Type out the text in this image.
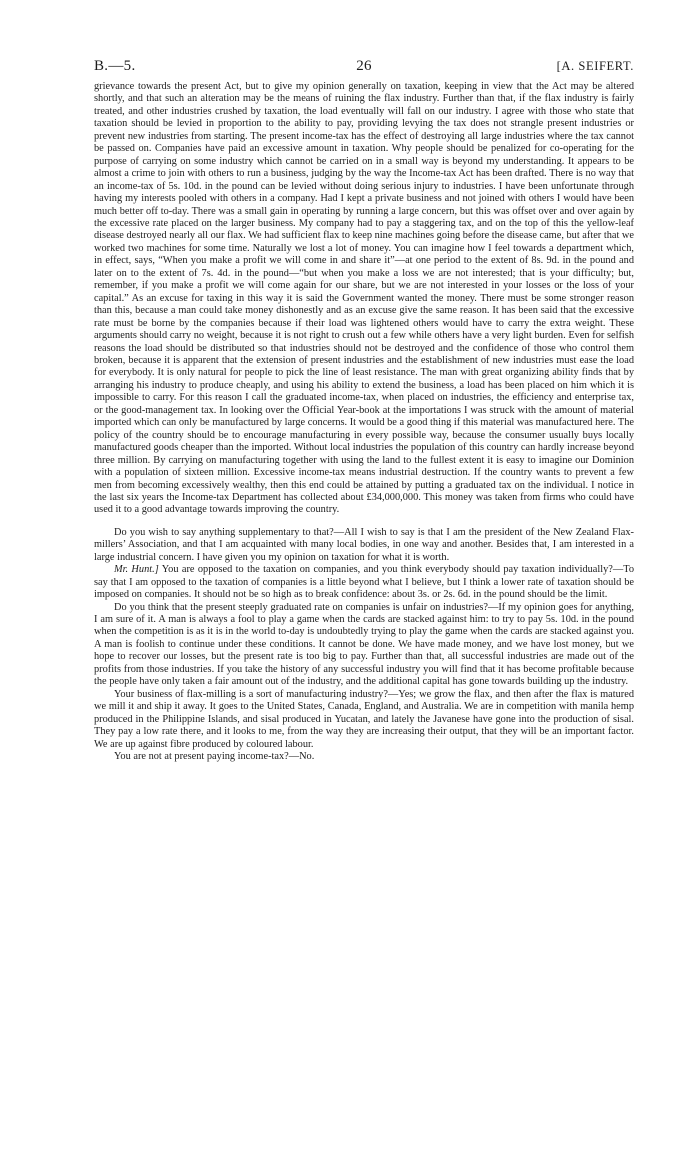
B.—5.	26	[A. SEIFERT.

grievance towards the present Act, but to give my opinion generally on taxation, keeping in view that the Act may be altered shortly, and that such an alteration may be the means of ruining the flax industry. Further than that, if the flax industry is fairly treated, and other industries crushed by taxation, the load eventually will fall on our industry. I agree with those who state that taxation should be levied in proportion to the ability to pay, providing levying the tax does not strangle present industries or prevent new industries from starting. The present income-tax has the effect of destroying all large industries where the tax cannot be passed on. Companies have paid an excessive amount in taxation. Why people should be penalized for co-operating for the purpose of carrying on some industry which cannot be carried on in a small way is beyond my understanding. It appears to be almost a crime to join with others to run a business, judging by the way the Income-tax Act has been drafted. There is no way that an income-tax of 5s. 10d. in the pound can be levied without doing serious injury to industries. I have been unfortunate through having my interests pooled with others in a company. Had I kept a private business and not joined with others I would have been much better off to-day. There was a small gain in operating by running a large concern, but this was offset over and over again by the excessive rate placed on the larger business. My company had to pay a staggering tax, and on the top of this the yellow-leaf disease destroyed nearly all our flax. We had sufficient flax to keep nine machines going before the disease came, but after that we worked two machines for some time. Naturally we lost a lot of money. You can imagine how I feel towards a department which, in effect, says, “When you make a profit we will come in and share it”—at one period to the extent of 8s. 9d. in the pound and later on to the extent of 7s. 4d. in the pound—“but when you make a loss we are not interested; that is your difficulty; but, remember, if you make a profit we will come again for our share, but we are not interested in your losses or the loss of your capital.” As an excuse for taxing in this way it is said the Government wanted the money. There must be some stronger reason than this, because a man could take money dishonestly and as an excuse give the same reason. It has been said that the excessive rate must be borne by the companies because if their load was lightened others would have to carry the extra weight. These arguments should carry no weight, because it is not right to crush out a few while others have a very light burden. Even for selfish reasons the load should be distributed so that industries should not be destroyed and the confidence of those who control them broken, because it is apparent that the extension of present industries and the establishment of new industries must ease the load for everybody. It is only natural for people to pick the line of least resistance. The man with great organizing ability finds that by arranging his industry to produce cheaply, and using his ability to extend the business, a load has been placed on him which it is impossible to carry. For this reason I call the graduated income-tax, when placed on industries, the efficiency and enterprise tax, or the good-management tax. In looking over the Official Year-book at the importations I was struck with the amount of material imported which can only be manufactured by large concerns. It would be a good thing if this material was manufactured here. The policy of the country should be to encourage manufacturing in every possible way, because the consumer usually buys locally manufactured goods cheaper than the imported. Without local industries the population of this country can hardly increase beyond three million. By carrying on manufacturing together with using the land to the fullest extent it is easy to imagine our Dominion with a population of sixteen million. Excessive income-tax means industrial destruction. If the country wants to prevent a few men from becoming excessively wealthy, then this end could be attained by putting a graduated tax on the individual. I notice in the last six years the Income-tax Department has collected about £34,000,000. This money was taken from firms who could have used it to a good advantage towards improving the country.

Do you wish to say anything supplementary to that?—All I wish to say is that I am the president of the New Zealand Flax-millers’ Association, and that I am acquainted with many local bodies, in one way and another. Besides that, I am interested in a large industrial concern. I have given you my opinion on taxation for what it is worth.

Mr. Hunt.] You are opposed to the taxation on companies, and you think everybody should pay taxation individually?—To say that I am opposed to the taxation of companies is a little beyond what I believe, but I think a lower rate of taxation should be imposed on companies. It should not be so high as to break confidence: about 3s. or 2s. 6d. in the pound should be the limit.

Do you think that the present steeply graduated rate on companies is unfair on industries?—If my opinion goes for anything, I am sure of it. A man is always a fool to play a game when the cards are stacked against him: to try to pay 5s. 10d. in the pound when the competition is as it is in the world to-day is undoubtedly trying to play the game when the cards are stacked against you. A man is foolish to continue under these conditions. It cannot be done. We have made money, and we have lost money, but we hope to recover our losses, but the present rate is too big to pay. Further than that, all successful industries are made out of the profits from those industries. If you take the history of any successful industry you will find that it has become profitable because the people have only taken a fair amount out of the industry, and the additional capital has gone towards building up the industry.

Your business of flax-milling is a sort of manufacturing industry?—Yes; we grow the flax, and then after the flax is matured we mill it and ship it away. It goes to the United States, Canada, England, and Australia. We are in competition with manila hemp produced in the Philippine Islands, and sisal produced in Yucatan, and lately the Javanese have gone into the production of sisal. They pay a low rate there, and it looks to me, from the way they are increasing their output, that they will be an important factor. We are up against fibre produced by coloured labour.

You are not at present paying income-tax?—No.
